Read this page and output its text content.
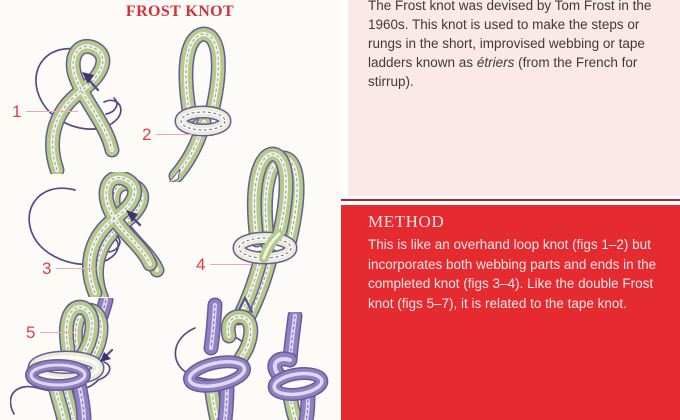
FROST KNOT
1
2
3	4
5

The Frost knot was devised by Tom Frost in the 1960s. This knot is used to make the steps or rungs in the short, improvised webbing or tape ladders known as étriers (from the French for stirrup).

METHOD

This is like an overhand loop knot (figs 1–2) but incorporates both webbing parts and ends in the completed knot (figs 3–4). Like the double Frost knot (figs 5–7), it is related to the tape knot.
